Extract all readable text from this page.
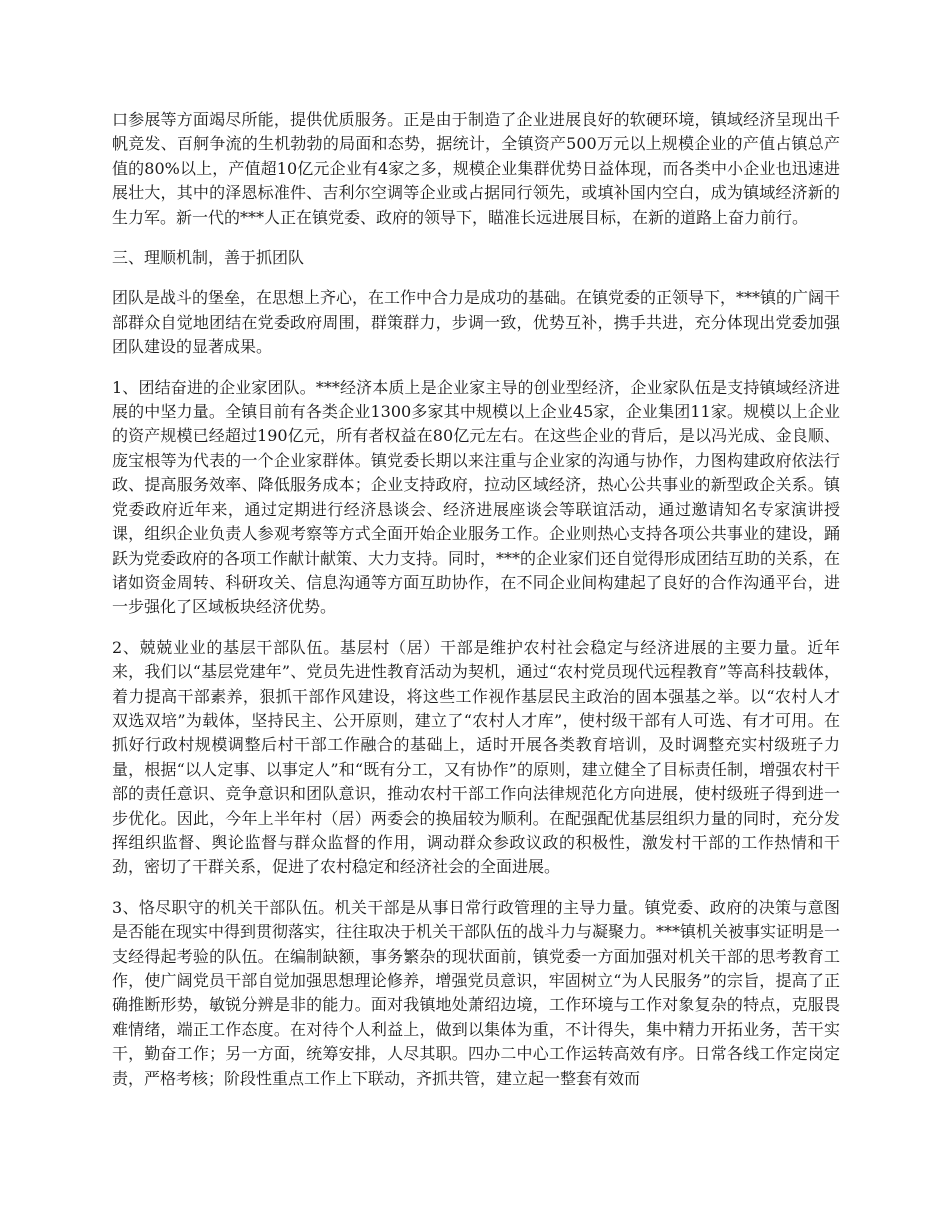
口参展等方面竭尽所能，提供优质服务。正是由于制造了企业进展良好的软硬环境，镇域经济呈现出千帆竞发、百舸争流的生机勃勃的局面和态势，据统计，全镇资产500万元以上规模企业的产值占镇总产值的80%以上，产值超10亿元企业有4家之多，规模企业集群优势日益体现，而各类中小企业也迅速进展壮大，其中的泽恩标准件、吉利尔空调等企业或占据同行领先，或填补国内空白，成为镇域经济新的生力军。新一代的***人正在镇党委、政府的领导下，瞄准长远进展目标，在新的道路上奋力前行。

三、理顺机制，善于抓团队

团队是战斗的堡垒，在思想上齐心，在工作中合力是成功的基础。在镇党委的正领导下，***镇的广阔干部群众自觉地团结在党委政府周围，群策群力，步调一致，优势互补，携手共进，充分体现出党委加强团队建设的显著成果。

1、团结奋进的企业家团队。***经济本质上是企业家主导的创业型经济，企业家队伍是支持镇域经济进展的中坚力量。全镇目前有各类企业1300多家其中规模以上企业45家，企业集团11家。规模以上企业的资产规模已经超过190亿元，所有者权益在80亿元左右。在这些企业的背后，是以冯光成、金良顺、庞宝根等为代表的一个企业家群体。镇党委长期以来注重与企业家的沟通与协作，力图构建政府依法行政、提高服务效率、降低服务成本；企业支持政府，拉动区域经济，热心公共事业的新型政企关系。镇党委政府近年来，通过定期进行经济恳谈会、经济进展座谈会等联谊活动，通过邀请知名专家演讲授课，组织企业负责人参观考察等方式全面开始企业服务工作。企业则热心支持各项公共事业的建设，踊跃为党委政府的各项工作献计献策、大力支持。同时，***的企业家们还自觉得形成团结互助的关系，在诸如资金周转、科研攻关、信息沟通等方面互助协作，在不同企业间构建起了良好的合作沟通平台，进一步强化了区域板块经济优势。

2、兢兢业业的基层干部队伍。基层村（居）干部是维护农村社会稳定与经济进展的主要力量。近年来，我们以“基层党建年”、党员先进性教育活动为契机，通过“农村党员现代远程教育”等高科技载体，着力提高干部素养，狠抓干部作风建设，将这些工作视作基层民主政治的固本强基之举。以“农村人才双选双培”为载体，坚持民主、公开原则，建立了“农村人才库”，使村级干部有人可选、有才可用。在抓好行政村规模调整后村干部工作融合的基础上，适时开展各类教育培训，及时调整充实村级班子力量，根据“以人定事、以事定人”和“既有分工，又有协作”的原则，建立健全了目标责任制，增强农村干部的责任意识、竞争意识和团队意识，推动农村干部工作向法律规范化方向进展，使村级班子得到进一步优化。因此，今年上半年村（居）两委会的换届较为顺利。在配强配优基层组织力量的同时，充分发挥组织监督、舆论监督与群众监督的作用，调动群众参政议政的积极性，激发村干部的工作热情和干劲，密切了干群关系，促进了农村稳定和经济社会的全面进展。

3、恪尽职守的机关干部队伍。机关干部是从事日常行政管理的主导力量。镇党委、政府的决策与意图是否能在现实中得到贯彻落实，往往取决于机关干部队伍的战斗力与凝聚力。***镇机关被事实证明是一支经得起考验的队伍。在编制缺额，事务繁杂的现状面前，镇党委一方面加强对机关干部的思考教育工作，使广阔党员干部自觉加强思想理论修养，增强党员意识，牢固树立“为人民服务”的宗旨，提高了正确推断形势，敏锐分辨是非的能力。面对我镇地处萧绍边境，工作环境与工作对象复杂的特点，克服畏难情绪，端正工作态度。在对待个人利益上，做到以集体为重，不计得失，集中精力开拓业务，苦干实干，勤奋工作；另一方面，统筹安排，人尽其职。四办二中心工作运转高效有序。日常各线工作定岗定责，严格考核；阶段性重点工作上下联动，齐抓共管，建立起一整套有效而
